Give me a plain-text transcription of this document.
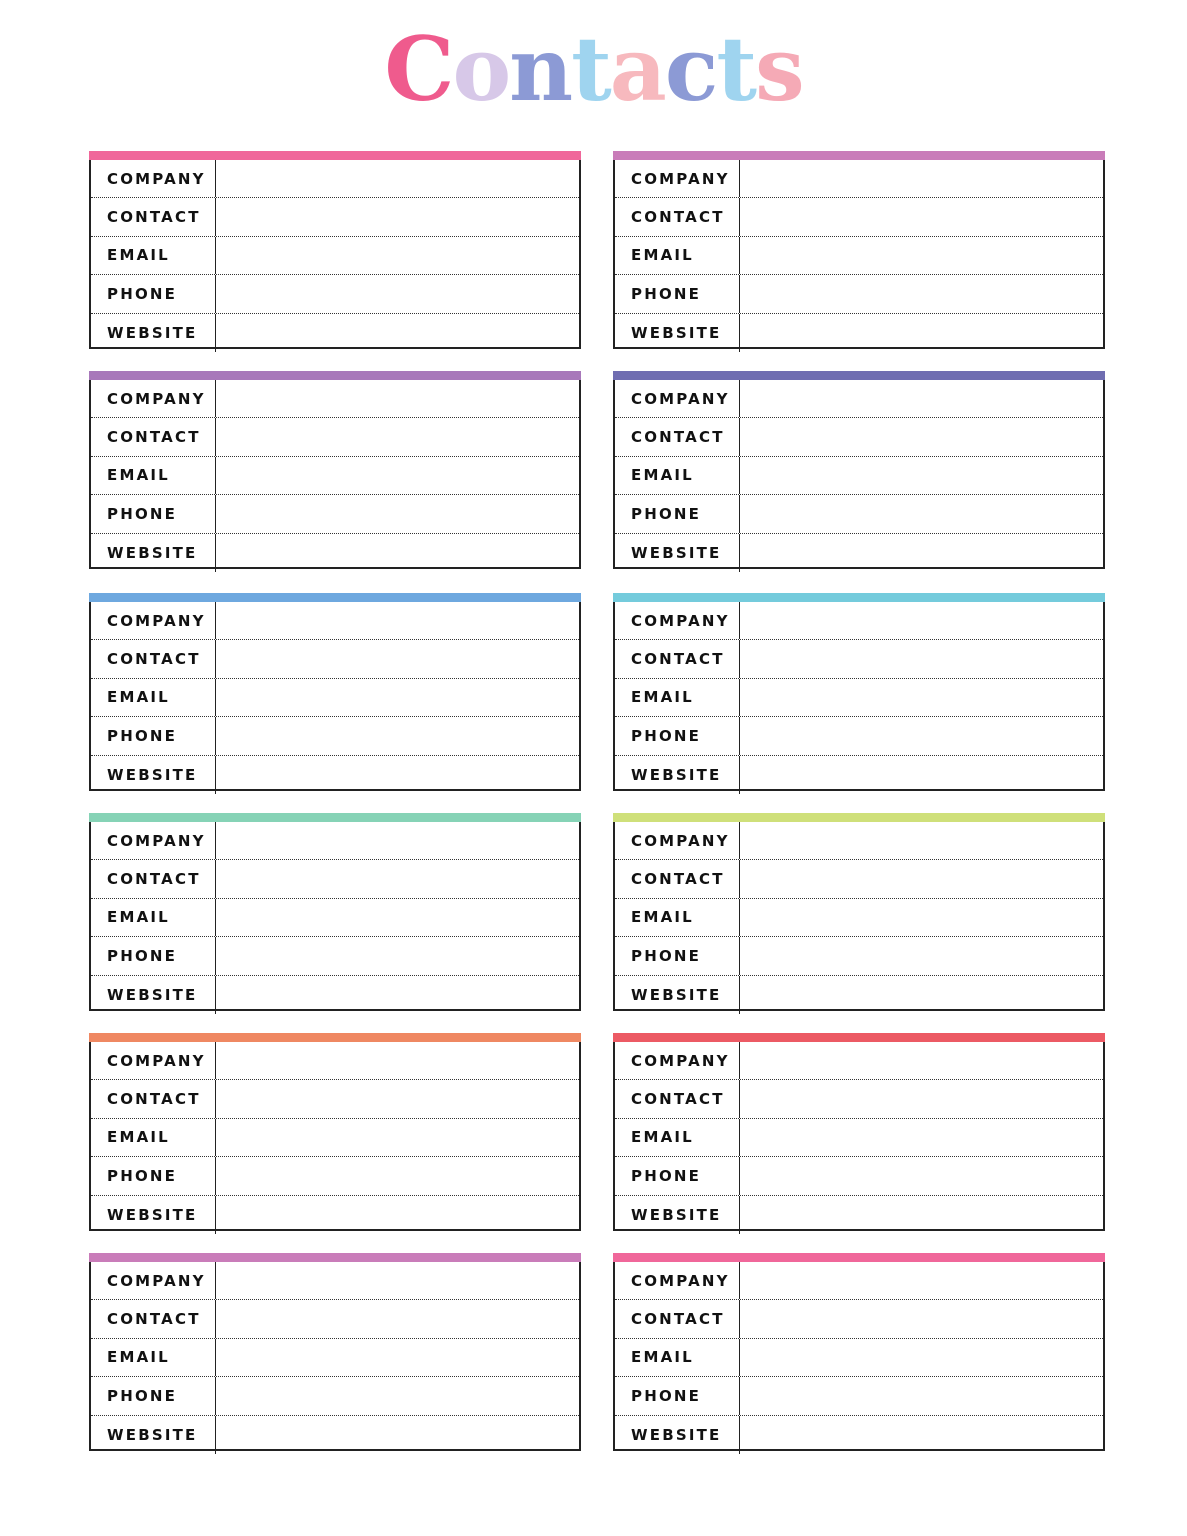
Contacts
COMPANY
CONTACT
EMAIL
PHONE
WEBSITE
COMPANY
CONTACT
EMAIL
PHONE
WEBSITE
COMPANY
CONTACT
EMAIL
PHONE
WEBSITE
COMPANY
CONTACT
EMAIL
PHONE
WEBSITE
COMPANY
CONTACT
EMAIL
PHONE
WEBSITE
COMPANY
CONTACT
EMAIL
PHONE
WEBSITE
COMPANY
CONTACT
EMAIL
PHONE
WEBSITE
COMPANY
CONTACT
EMAIL
PHONE
WEBSITE
COMPANY
CONTACT
EMAIL
PHONE
WEBSITE
COMPANY
CONTACT
EMAIL
PHONE
WEBSITE
COMPANY
CONTACT
EMAIL
PHONE
WEBSITE
COMPANY
CONTACT
EMAIL
PHONE
WEBSITE
